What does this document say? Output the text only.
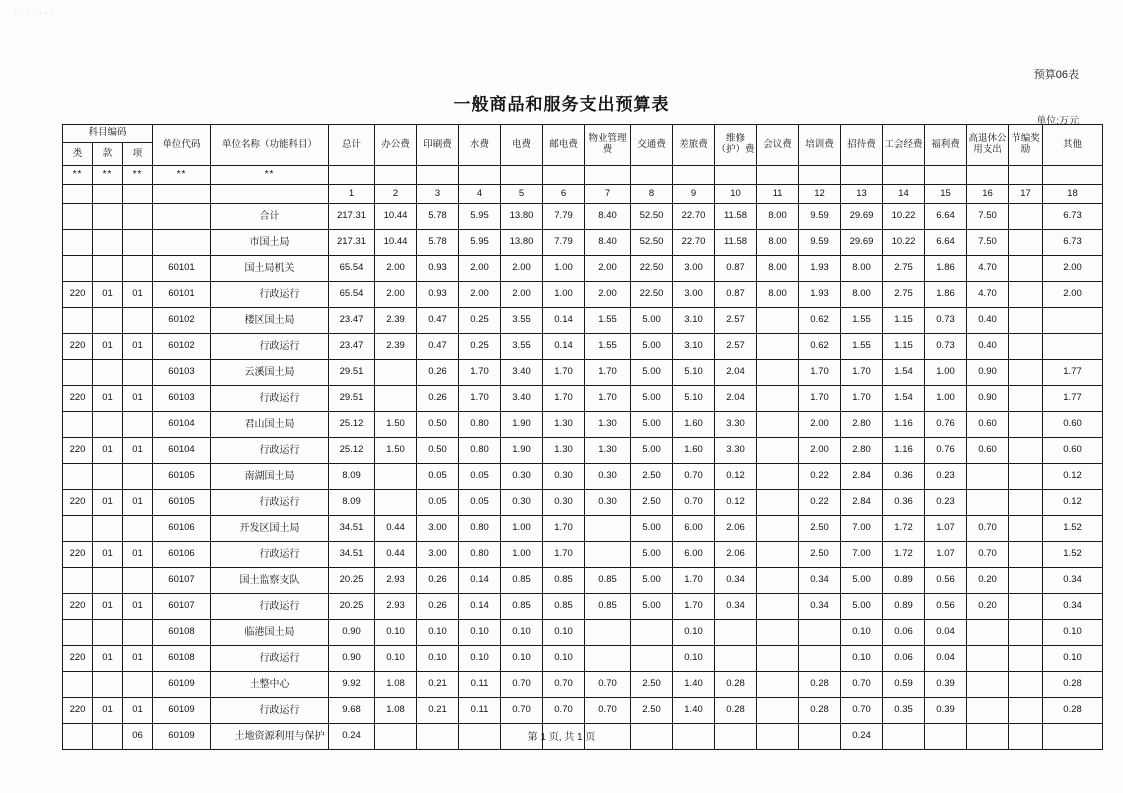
· · · · · · ·
预算06表
一般商品和服务支出预算表
单位:万元
科目编码			单位代码	单位名称（功能科目）	总计	办公费	印刷费	水费	电费	邮电费	物业管理费	交通费	差旅费	维修（护）费	会议费	培训费	招待费	工会经费	福利费	高退休公用支出	节编奖励	其他
类	款	项																				
**	**	**	**	**																		
					1	2	3	4	5	6	7	8	9	10	11	12	13	14	15	16	17	18
				合计	217.31	10.44	5.78	5.95	13.80	7.79	8.40	52.50	22.70	11.58	8.00	9.59	29.69	10.22	6.64	7.50		6.73
				市国土局	217.31	10.44	5.78	5.95	13.80	7.79	8.40	52.50	22.70	11.58	8.00	9.59	29.69	10.22	6.64	7.50		6.73
			60101	国土局机关	65.54	2.00	0.93	2.00	2.00	1.00	2.00	22.50	3.00	0.87	8.00	1.93	8.00	2.75	1.86	4.70		2.00
220	01	01	60101	行政运行	65.54	2.00	0.93	2.00	2.00	1.00	2.00	22.50	3.00	0.87	8.00	1.93	8.00	2.75	1.86	4.70		2.00
			60102	楼区国土局	23.47	2.39	0.47	0.25	3.55	0.14	1.55	5.00	3.10	2.57		0.62	1.55	1.15	0.73	0.40		
220	01	01	60102	行政运行	23.47	2.39	0.47	0.25	3.55	0.14	1.55	5.00	3.10	2.57		0.62	1.55	1.15	0.73	0.40		
			60103	云溪国土局	29.51		0.26	1.70	3.40	1.70	1.70	5.00	5.10	2.04		1.70	1.70	1.54	1.00	0.90		1.77
220	01	01	60103	行政运行	29.51		0.26	1.70	3.40	1.70	1.70	5.00	5.10	2.04		1.70	1.70	1.54	1.00	0.90		1.77
			60104	君山国土局	25.12	1.50	0.50	0.80	1.90	1.30	1.30	5.00	1.60	3.30		2.00	2.80	1.16	0.76	0.60		0.60
220	01	01	60104	行政运行	25.12	1.50	0.50	0.80	1.90	1.30	1.30	5.00	1.60	3.30		2.00	2.80	1.16	0.76	0.60		0.60
			60105	南湖国土局	8.09		0.05	0.05	0.30	0.30	0.30	2.50	0.70	0.12		0.22	2.84	0.36	0.23			0.12
220	01	01	60105	行政运行	8.09		0.05	0.05	0.30	0.30	0.30	2.50	0.70	0.12		0.22	2.84	0.36	0.23			0.12
			60106	开发区国土局	34.51	0.44	3.00	0.80	1.00	1.70		5.00	6.00	2.06		2.50	7.00	1.72	1.07	0.70		1.52
220	01	01	60106	行政运行	34.51	0.44	3.00	0.80	1.00	1.70		5.00	6.00	2.06		2.50	7.00	1.72	1.07	0.70		1.52
			60107	国土监察支队	20.25	2.93	0.26	0.14	0.85	0.85	0.85	5.00	1.70	0.34		0.34	5.00	0.89	0.56	0.20		0.34
220	01	01	60107	行政运行	20.25	2.93	0.26	0.14	0.85	0.85	0.85	5.00	1.70	0.34		0.34	5.00	0.89	0.56	0.20		0.34
			60108	临港国土局	0.90	0.10	0.10	0.10	0.10	0.10			0.10				0.10	0.06	0.04			0.10
220	01	01	60108	行政运行	0.90	0.10	0.10	0.10	0.10	0.10			0.10				0.10	0.06	0.04			0.10
			60109	土整中心	9.92	1.08	0.21	0.11	0.70	0.70	0.70	2.50	1.40	0.28		0.28	0.70	0.59	0.39			0.28
220	01	01	60109	行政运行	9.68	1.08	0.21	0.11	0.70	0.70	0.70	2.50	1.40	0.28		0.28	0.70	0.35	0.39			0.28
		06	60109	土地资源利用与保护	0.24												0.24					
第 1 页, 共 1 页
